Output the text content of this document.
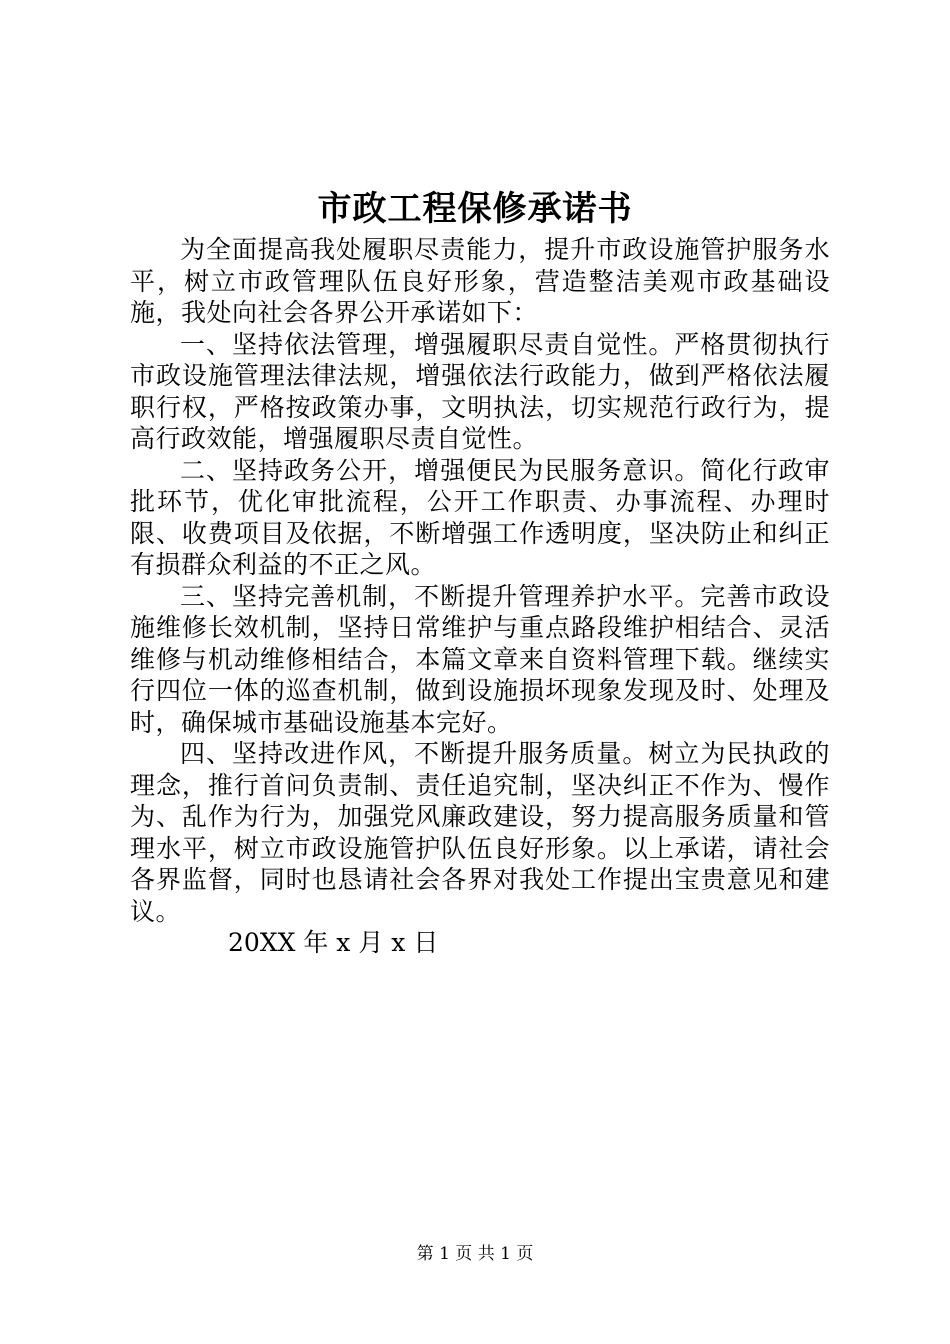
市政工程保修承诺书

为全面提高我处履职尽责能力，提升市政设施管护服务水平，树立市政管理队伍良好形象，营造整洁美观市政基础设施，我处向社会各界公开承诺如下：

一、坚持依法管理，增强履职尽责自觉性。严格贯彻执行市政设施管理法律法规，增强依法行政能力，做到严格依法履职行权，严格按政策办事，文明执法，切实规范行政行为，提高行政效能，增强履职尽责自觉性。

二、坚持政务公开，增强便民为民服务意识。简化行政审批环节，优化审批流程，公开工作职责、办事流程、办理时限、收费项目及依据，不断增强工作透明度，坚决防止和纠正有损群众利益的不正之风。

三、坚持完善机制，不断提升管理养护水平。完善市政设施维修长效机制，坚持日常维护与重点路段维护相结合、灵活维修与机动维修相结合，本篇文章来自资料管理下载。继续实行四位一体的巡查机制，做到设施损坏现象发现及时、处理及时，确保城市基础设施基本完好。

四、坚持改进作风，不断提升服务质量。树立为民执政的理念，推行首问负责制、责任追究制，坚决纠正不作为、慢作为、乱作为行为，加强党风廉政建设，努力提高服务质量和管理水平，树立市政设施管护队伍良好形象。以上承诺，请社会各界监督，同时也恳请社会各界对我处工作提出宝贵意见和建议。

20XX 年 x 月 x 日

第 1 页 共 1 页
